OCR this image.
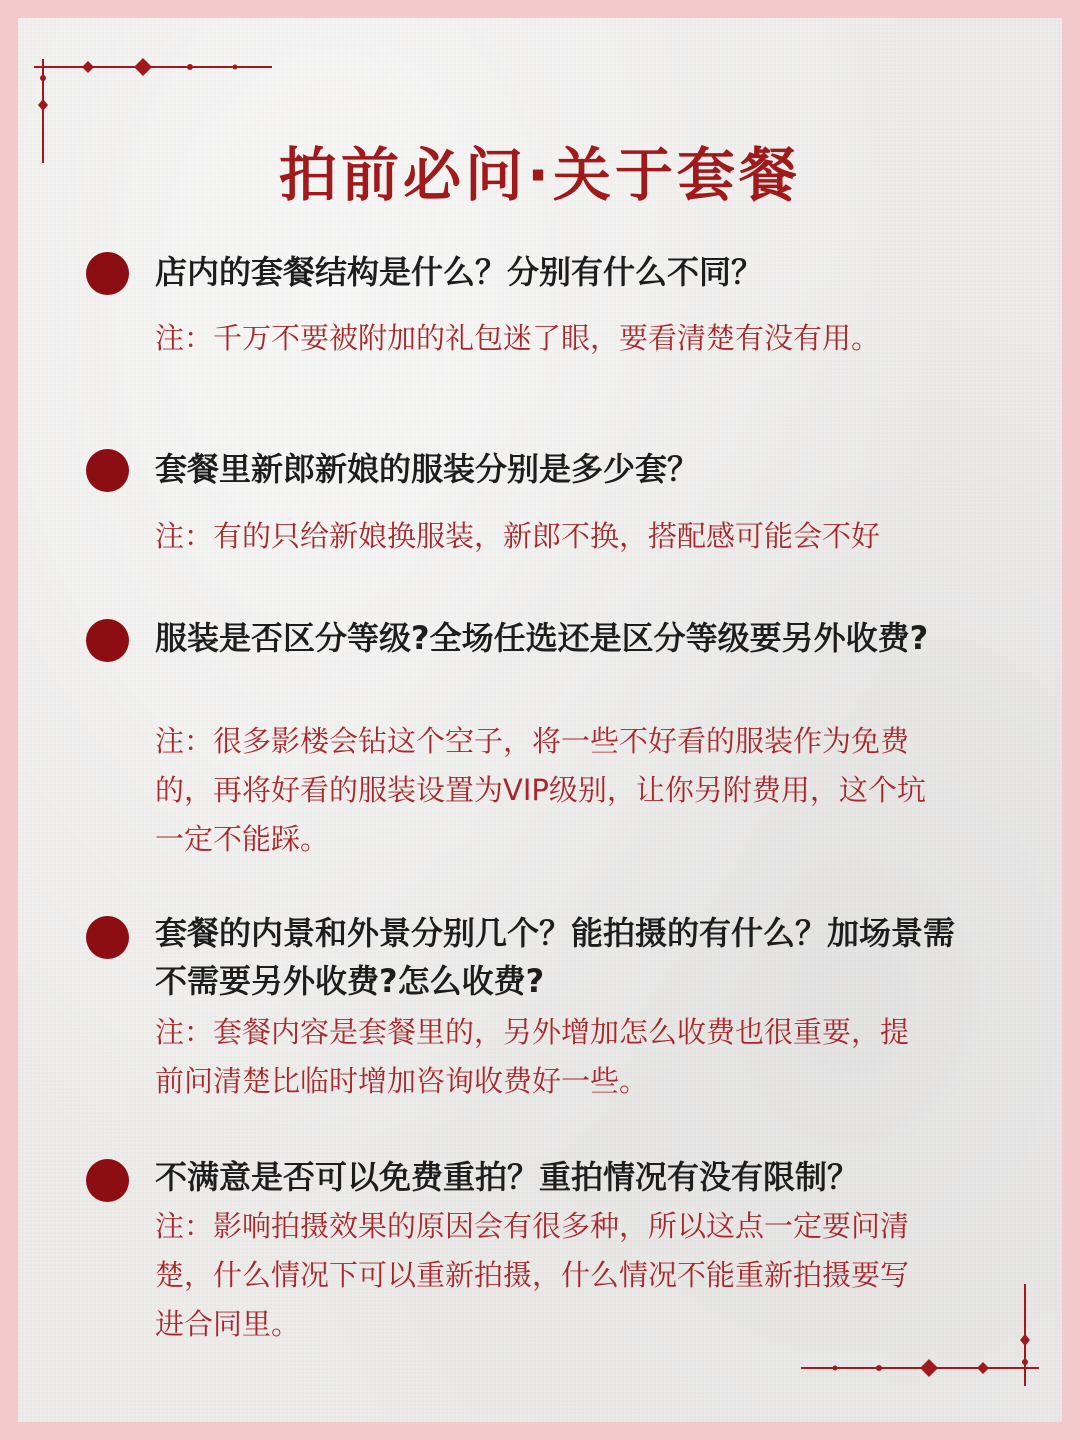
拍前必问·关于套餐
店内的套餐结构是什么？分别有什么不同？
注：千万不要被附加的礼包迷了眼，要看清楚有没有用。
套餐里新郎新娘的服装分别是多少套？
注：有的只给新娘换服装，新郎不换，搭配感可能会不好
服装是否区分等级?全场任选还是区分等级要另外收费?
注：很多影楼会钻这个空子，将一些不好看的服装作为免费的，再将好看的服装设置为VIP级别，让你另附费用，这个坑一定不能踩。
套餐的内景和外景分别几个？能拍摄的有什么？加场景需不需要另外收费?怎么收费?
注：套餐内容是套餐里的，另外增加怎么收费也很重要，提前问清楚比临时增加咨询收费好一些。
不满意是否可以免费重拍？重拍情况有没有限制？
注：影响拍摄效果的原因会有很多种，所以这点一定要问清楚，什么情况下可以重新拍摄，什么情况不能重新拍摄要写进合同里。
